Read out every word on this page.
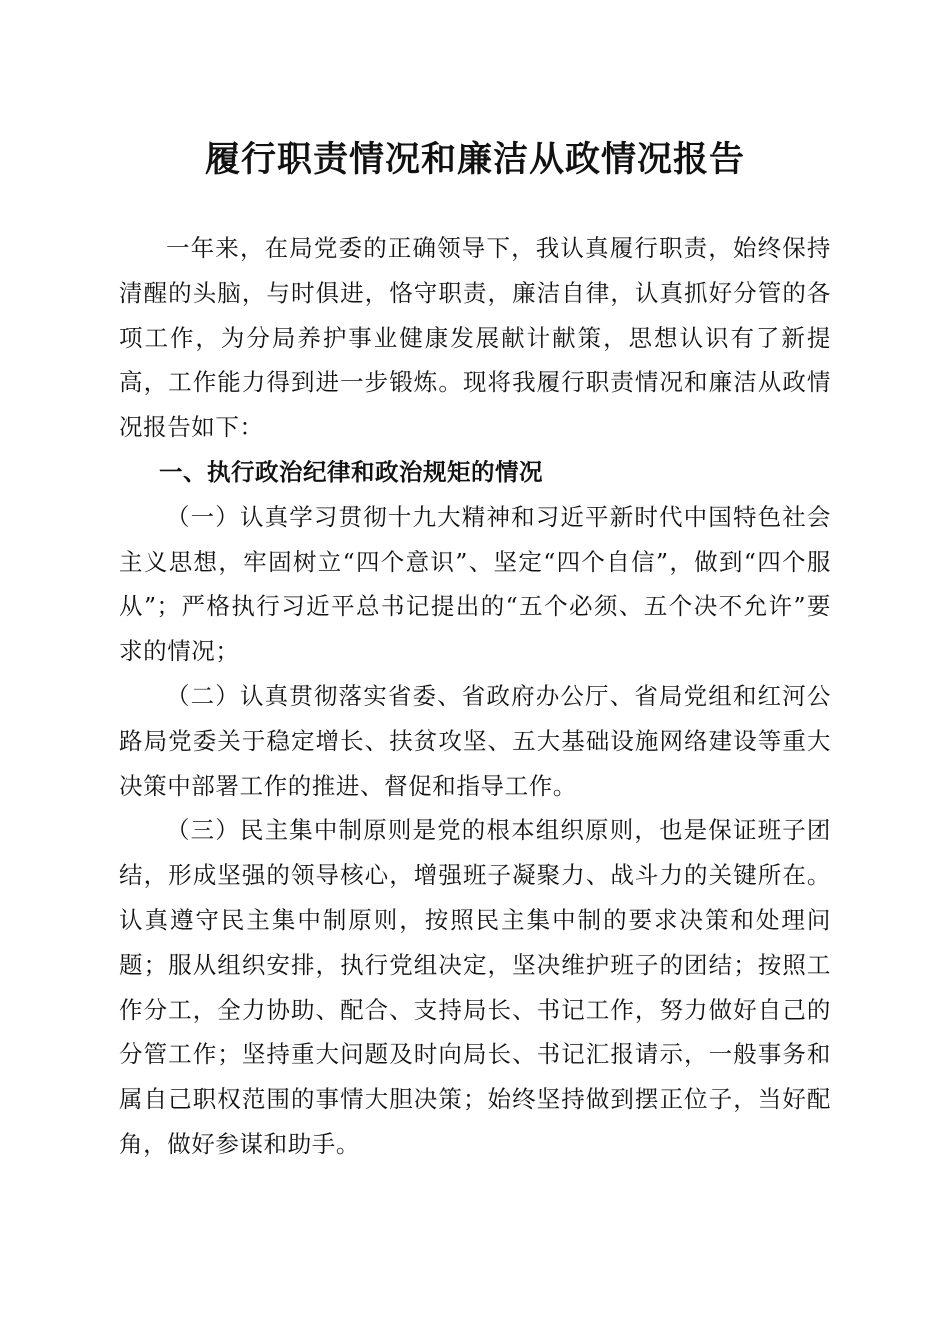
履行职责情况和廉洁从政情况报告

一年来，在局党委的正确领导下，我认真履行职责，始终保持清醒的头脑，与时俱进，恪守职责，廉洁自律，认真抓好分管的各项工作，为分局养护事业健康发展献计献策，思想认识有了新提高，工作能力得到进一步锻炼。现将我履行职责情况和廉洁从政情况报告如下：

一、执行政治纪律和政治规矩的情况

（一）认真学习贯彻十九大精神和习近平新时代中国特色社会主义思想，牢固树立“四个意识”、坚定“四个自信”，做到“四个服从”；严格执行习近平总书记提出的“五个必须、五个决不允许”要求的情况；

（二）认真贯彻落实省委、省政府办公厅、省局党组和红河公路局党委关于稳定增长、扶贫攻坚、五大基础设施网络建设等重大决策中部署工作的推进、督促和指导工作。

（三）民主集中制原则是党的根本组织原则，也是保证班子团结，形成坚强的领导核心，增强班子凝聚力、战斗力的关键所在。认真遵守民主集中制原则，按照民主集中制的要求决策和处理问题；服从组织安排，执行党组决定，坚决维护班子的团结；按照工作分工，全力协助、配合、支持局长、书记工作，努力做好自己的分管工作；坚持重大问题及时向局长、书记汇报请示，一般事务和属自己职权范围的事情大胆决策；始终坚持做到摆正位子，当好配角，做好参谋和助手。
